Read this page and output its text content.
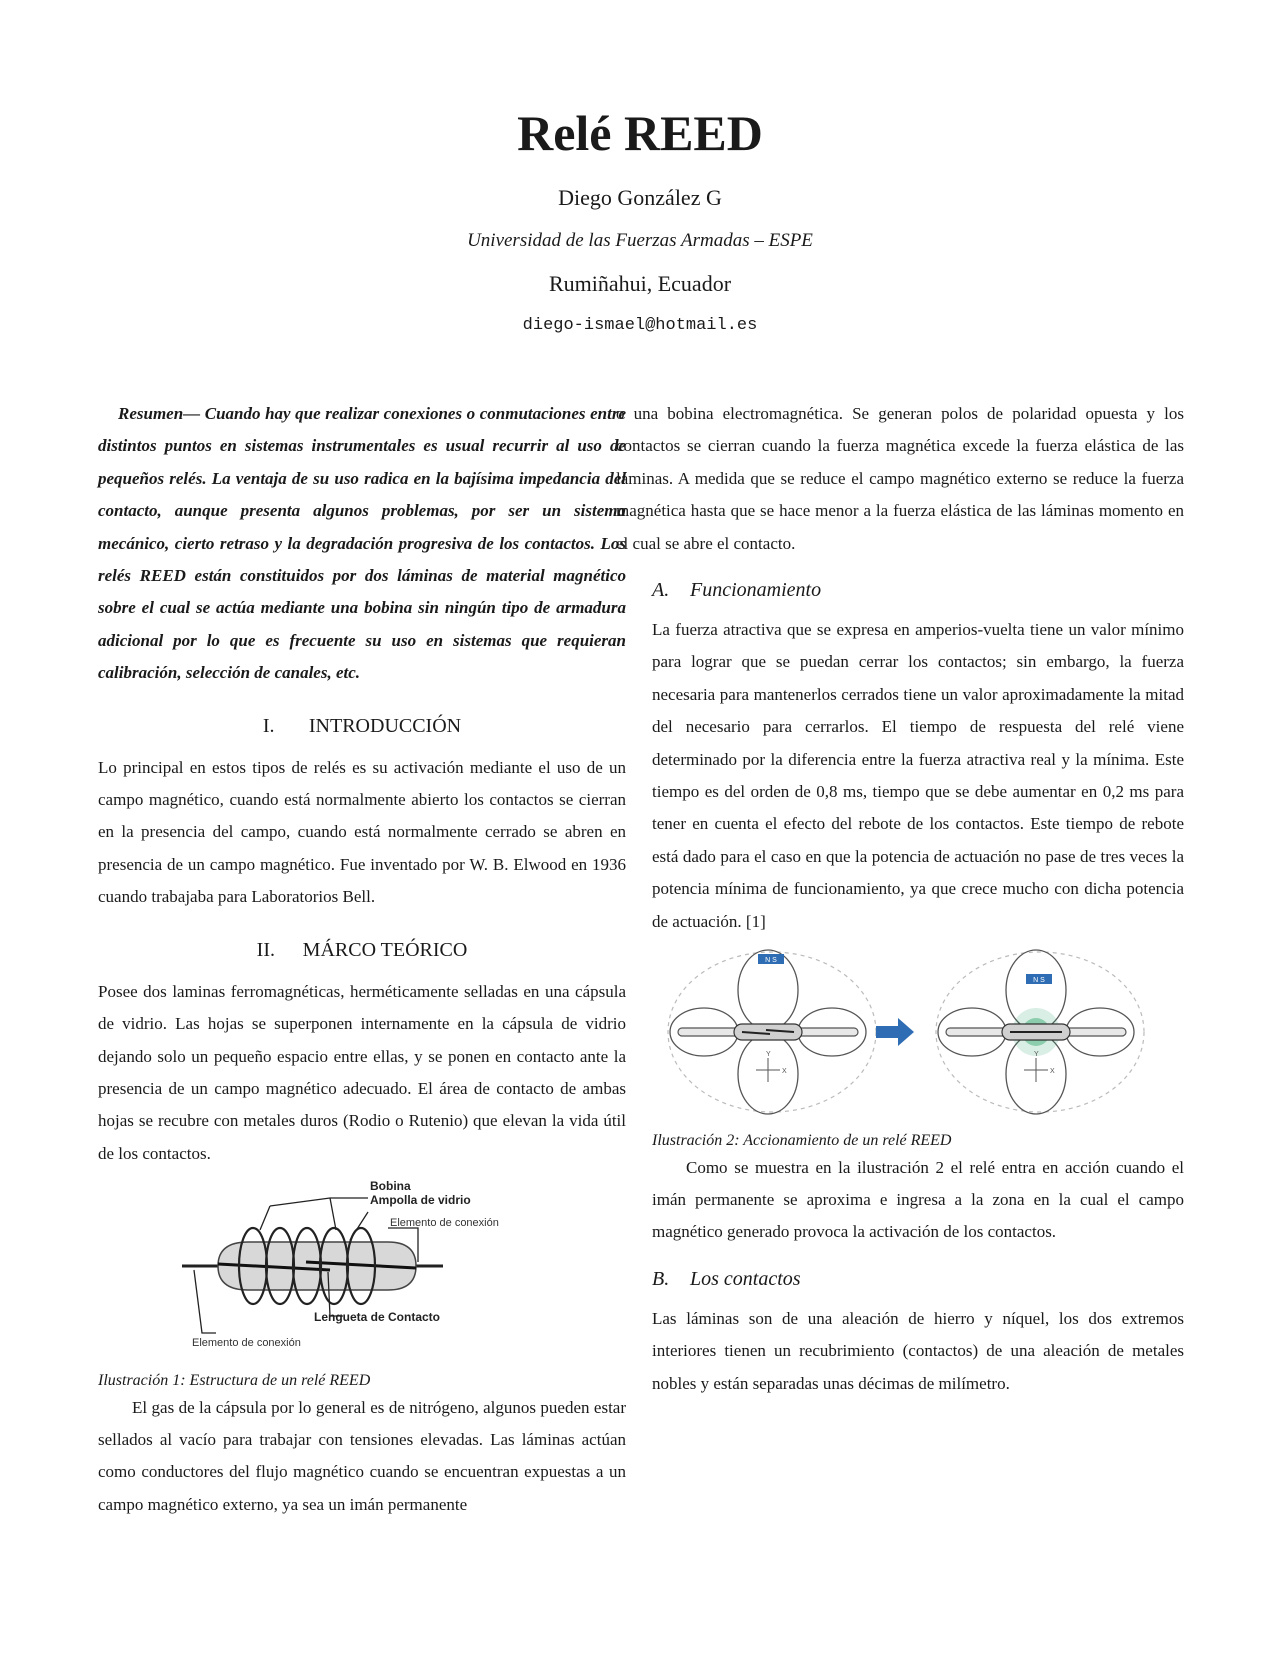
Relé REED

Diego González G

Universidad de las Fuerzas Armadas – ESPE

Rumiñahui, Ecuador

diego-ismael@hotmail.es

Resumen— Cuando hay que realizar conexiones o conmutaciones entre distintos puntos en sistemas instrumentales es usual recurrir al uso de pequeños relés. La ventaja de su uso radica en la bajísima impedancia del contacto, aunque presenta algunos problemas, por ser un sistema mecánico, cierto retraso y la degradación progresiva de los contactos. Los relés REED están constituidos por dos láminas de material magnético sobre el cual se actúa mediante una bobina sin ningún tipo de armadura adicional por lo que es frecuente su uso en sistemas que requieran calibración, selección de canales, etc.

I. INTRODUCCIÓN

Lo principal en estos tipos de relés es su activación mediante el uso de un campo magnético, cuando está normalmente abierto los contactos se cierran en la presencia del campo, cuando está normalmente cerrado se abren en presencia de un campo magnético. Fue inventado por W. B. Elwood en 1936 cuando trabajaba para Laboratorios Bell.

II. MÁRCO TEÓRICO

Posee dos laminas ferromagnéticas, herméticamente selladas en una cápsula de vidrio. Las hojas se superponen internamente en la cápsula de vidrio dejando solo un pequeño espacio entre ellas, y se ponen en contacto ante la presencia de un campo magnético adecuado. El área de contacto de ambas hojas se recubre con metales duros (Rodio o Rutenio) que elevan la vida útil de los contactos.

Bobina
Ampolla de vidrio
Elemento de conexión
Lengueta de Contacto
Elemento de conexión

Ilustración 1: Estructura de un relé REED

El gas de la cápsula por lo general es de nitrógeno, algunos pueden estar sellados al vacío para trabajar con tensiones elevadas. Las láminas actúan como conductores del flujo magnético cuando se encuentran expuestas a un campo magnético externo, ya sea un imán permanente

o una bobina electromagnética. Se generan polos de polaridad opuesta y los contactos se cierran cuando la fuerza magnética excede la fuerza elástica de las láminas. A medida que se reduce el campo magnético externo se reduce la fuerza magnética hasta que se hace menor a la fuerza elástica de las láminas momento en el cual se abre el contacto.

A. Funcionamiento

La fuerza atractiva que se expresa en amperios-vuelta tiene un valor mínimo para lograr que se puedan cerrar los contactos; sin embargo, la fuerza necesaria para mantenerlos cerrados tiene un valor aproximadamente la mitad del necesario para cerrarlos. El tiempo de respuesta del relé viene determinado por la diferencia entre la fuerza atractiva real y la mínima. Este tiempo es del orden de 0,8 ms, tiempo que se debe aumentar en 0,2 ms para tener en cuenta el efecto del rebote de los contactos. Este tiempo de rebote está dado para el caso en que la potencia de actuación no pase de tres veces la potencia mínima de funcionamiento, ya que crece mucho con dicha potencia de actuación. [1]

N S
Y
X
N S
Y
X

Ilustración 2: Accionamiento de un relé REED

Como se muestra en la ilustración 2 el relé entra en acción cuando el imán permanente se aproxima e ingresa a la zona en la cual el campo magnético generado provoca la activación de los contactos.

B. Los contactos

Las láminas son de una aleación de hierro y níquel, los dos extremos interiores tienen un recubrimiento (contactos) de una aleación de metales nobles y están separadas unas décimas de milímetro.
